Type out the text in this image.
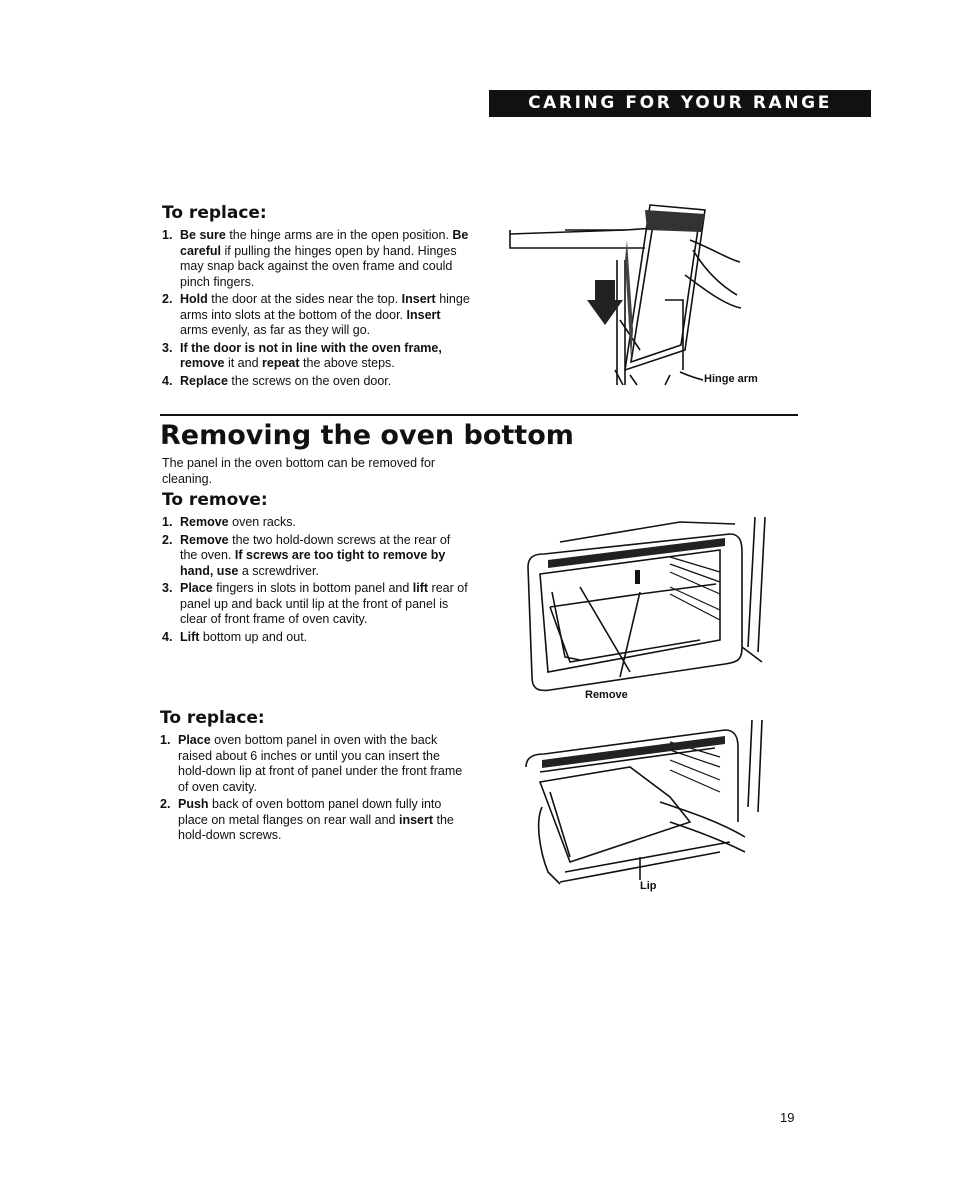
CARING FOR YOUR RANGE
To replace:
1. Be sure the hinge arms are in the open position. Be careful if pulling the hinges open by hand. Hinges may snap back against the oven frame and could pinch fingers.
2. Hold the door at the sides near the top. Insert hinge arms into slots at the bottom of the door. Insert arms evenly, as far as they will go.
3. If the door is not in line with the oven frame, remove it and repeat the above steps.
4. Replace the screws on the oven door.	Hinge arm
Removing the oven bottom
The panel in the oven bottom can be removed for cleaning.
To remove:
1. Remove oven racks.
2. Remove the two hold-down screws at the rear of the oven. If screws are too tight to remove by hand, use a screwdriver.
3. Place fingers in slots in bottom panel and lift rear of panel up and back until lip at the front of panel is clear of front frame of oven cavity.
4. Lift bottom up and out.
Remove
To replace:
1. Place oven bottom panel in oven with the back raised about 6 inches or until you can insert the hold-down lip at front of panel under the front frame of oven cavity.
2. Push back of oven bottom panel down fully into place on metal flanges on rear wall and insert the hold-down screws.
Lip
19
